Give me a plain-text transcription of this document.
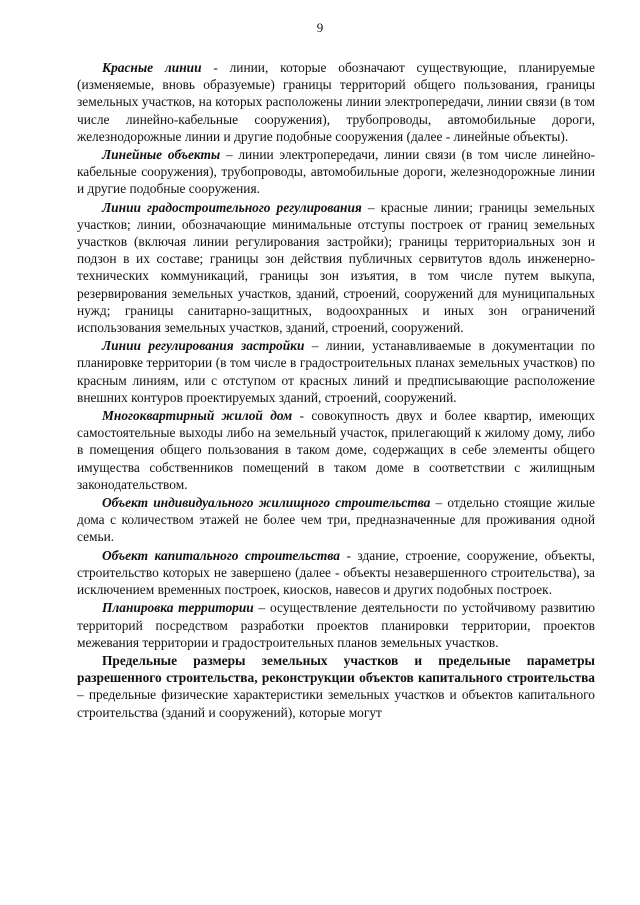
9

Красные линии - линии, которые обозначают существующие, планируемые (изменяемые, вновь образуемые) границы территорий общего пользования, границы земельных участков, на которых расположены линии электропередачи, линии связи (в том числе линейно-кабельные сооружения), трубопроводы, автомобильные дороги, железнодорожные линии и другие подобные сооружения (далее - линейные объекты).

Линейные объекты – линии электропередачи, линии связи (в том числе линейно-кабельные сооружения), трубопроводы, автомобильные дороги, железнодорожные линии и другие подобные сооружения.

Линии градостроительного регулирования – красные линии; границы земельных участков; линии, обозначающие минимальные отступы построек от границ земельных участков (включая линии регулирования застройки); границы территориальных зон и подзон в их составе; границы зон действия публичных сервитутов вдоль инженерно-технических коммуникаций, границы зон изъятия, в том числе путем выкупа, резервирования земельных участков, зданий, строений, сооружений для муниципальных нужд; границы санитарно-защитных, водоохранных и иных зон ограничений использования земельных участков, зданий, строений, сооружений.

Линии регулирования застройки – линии, устанавливаемые в документации по планировке территории (в том числе в градостроительных планах земельных участков) по красным линиям, или с отступом от красных линий и предписывающие расположение внешних контуров проектируемых зданий, строений, сооружений.

Многоквартирный жилой дом - совокупность двух и более квартир, имеющих самостоятельные выходы либо на земельный участок, прилегающий к жилому дому, либо в помещения общего пользования в таком доме, содержащих в себе элементы общего имущества собственников помещений в таком доме в соответствии с жилищным законодательством.

Объект индивидуального жилищного строительства – отдельно стоящие жилые дома с количеством этажей не более чем три, предназначенные для проживания одной семьи.

Объект капитального строительства - здание, строение, сооружение, объекты, строительство которых не завершено (далее - объекты незавершенного строительства), за исключением временных построек, киосков, навесов и других подобных построек.

Планировка территории – осуществление деятельности по устойчивому развитию территорий посредством разработки проектов планировки территории, проектов межевания территории и градостроительных планов земельных участков.

Предельные размеры земельных участков и предельные параметры разрешенного строительства, реконструкции объектов капитального строительства – предельные физические характеристики земельных участков и объектов капитального строительства (зданий и сооружений), которые могут
